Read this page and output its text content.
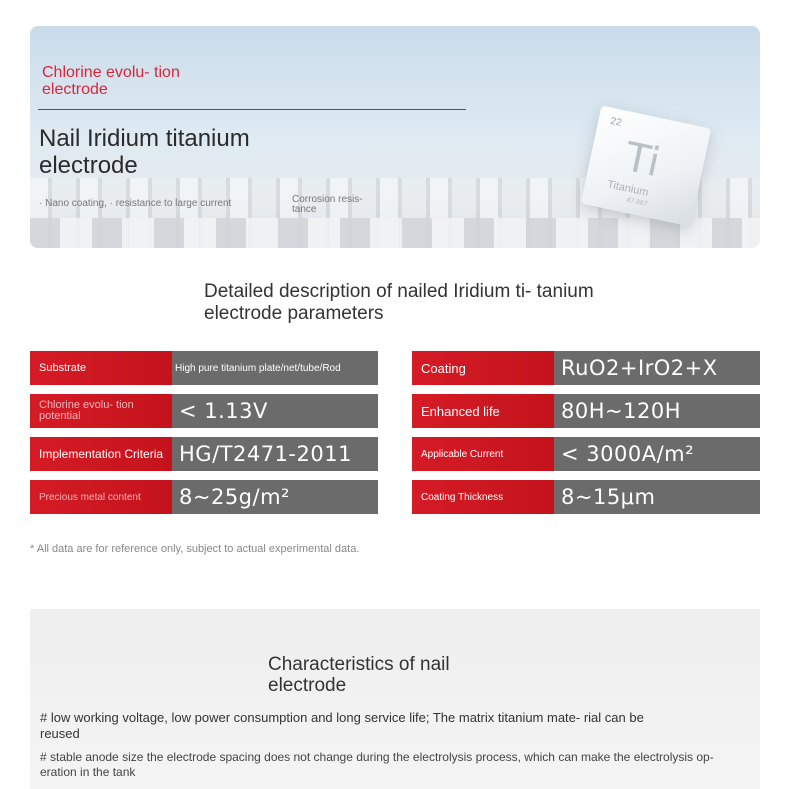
22
Ti
Titanium
47.867
Chlorine evolu- tion electrode
Nail Iridium titanium electrode
· Nano coating, · resistance to large current	Corrosion resis- tance
Detailed description of nailed Iridium ti- tanium electrode parameters
Substrate	High pure titanium plate/net/tube/Rod
Chlorine evolu- tion potential	< 1.13V
Implementation Criteria HG/T2471-2011
Precious metal content	8~25g/m²
Coating	RuO2+IrO2+X
Enhanced life	80H~120H
Applicable Current	< 3000A/m²
Coating Thickness	8~15μm
* All data are for reference only, subject to actual experimental data.
Characteristics of nail electrode
# low working voltage, low power consumption and long service life; The matrix titanium mate- rial can be reused
# stable anode size the electrode spacing does not change during the electrolysis process, which can make the electrolysis op- eration in the tank
